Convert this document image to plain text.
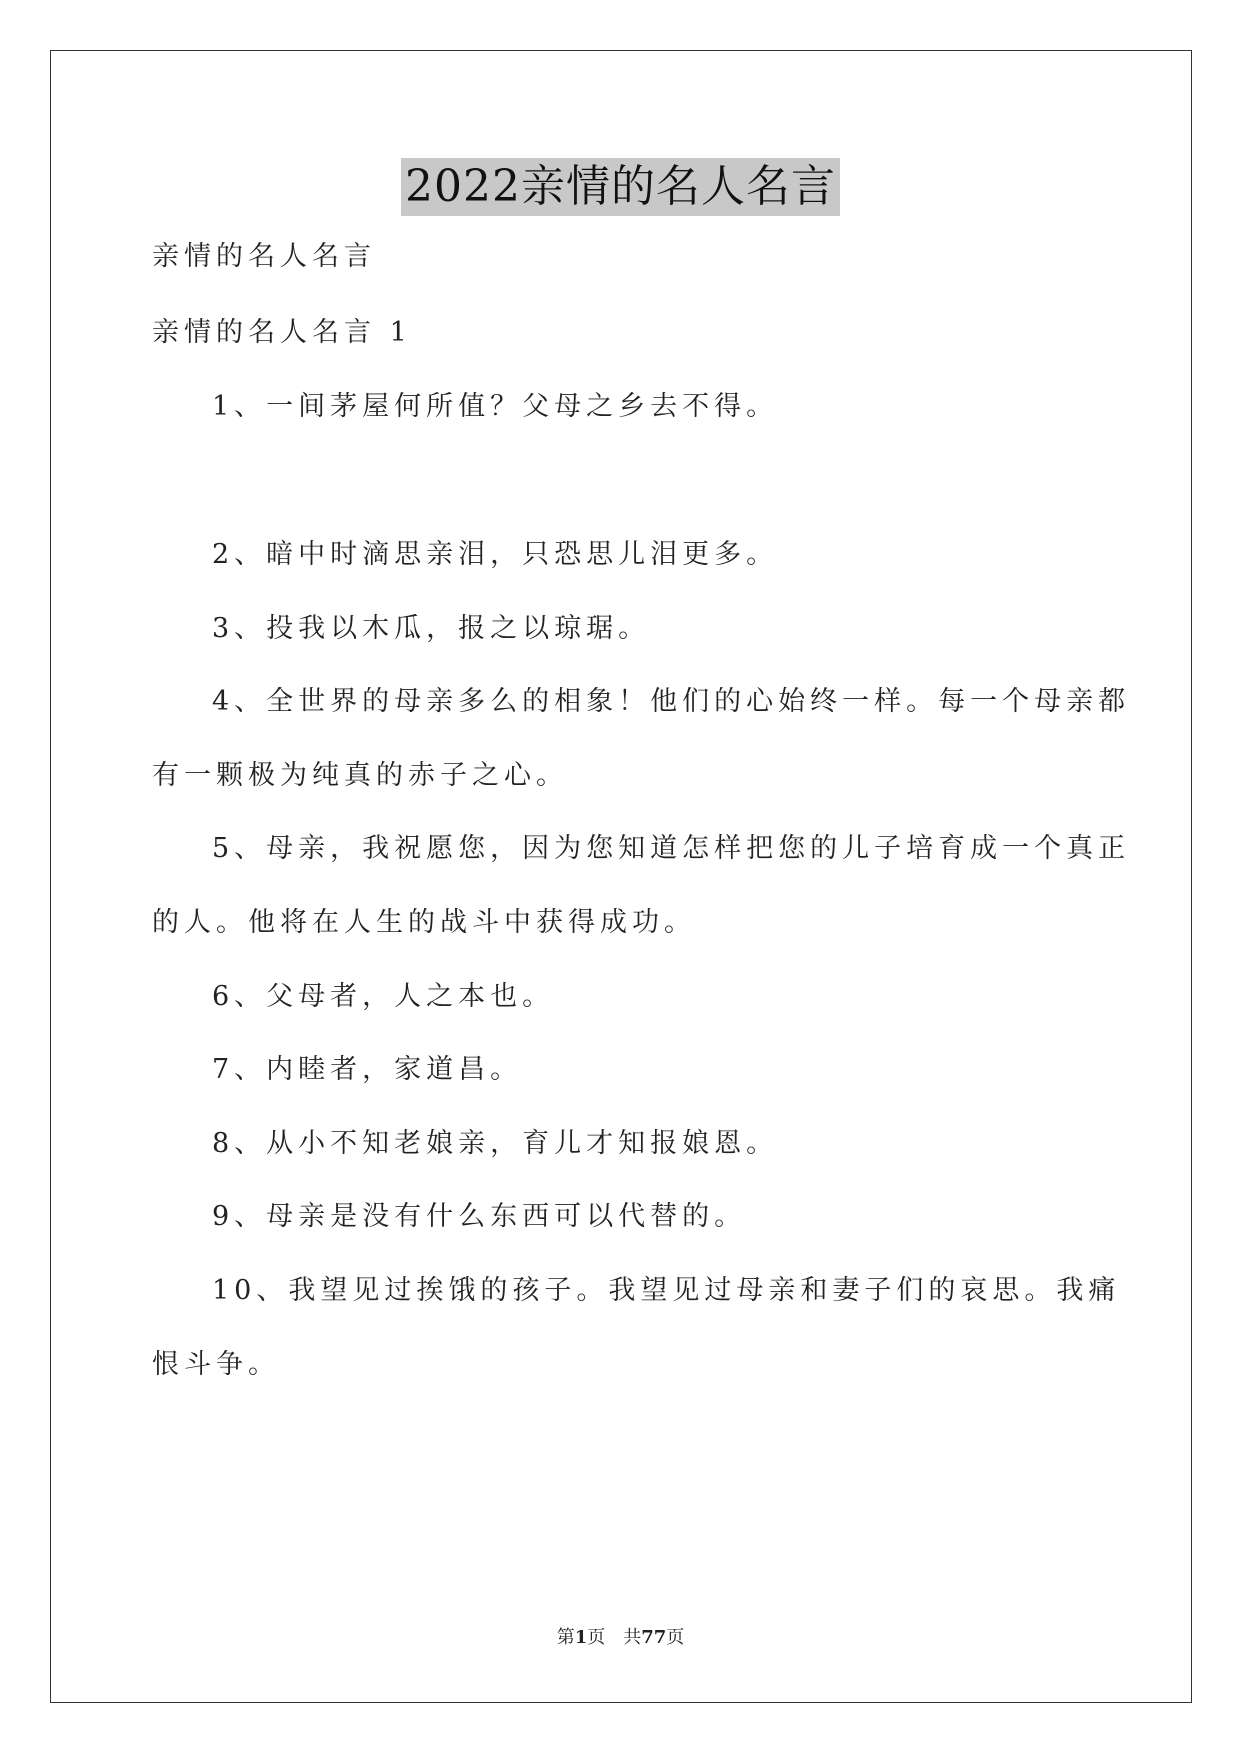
2022亲情的名人名言
亲情的名人名言
亲情的名人名言 1
1、一间茅屋何所值？父母之乡去不得。
2、暗中时滴思亲泪，只恐思儿泪更多。
3、投我以木瓜，报之以琼琚。
4、全世界的母亲多么的相象！他们的心始终一样。每一个母亲都
有一颗极为纯真的赤子之心。
5、母亲，我祝愿您，因为您知道怎样把您的儿子培育成一个真正
的人。他将在人生的战斗中获得成功。
6、父母者，人之本也。
7、内睦者，家道昌。
8、从小不知老娘亲，育儿才知报娘恩。
9、母亲是没有什么东西可以代替的。
10、我望见过挨饿的孩子。我望见过母亲和妻子们的哀思。我痛
恨斗争。
第1页　共77页
